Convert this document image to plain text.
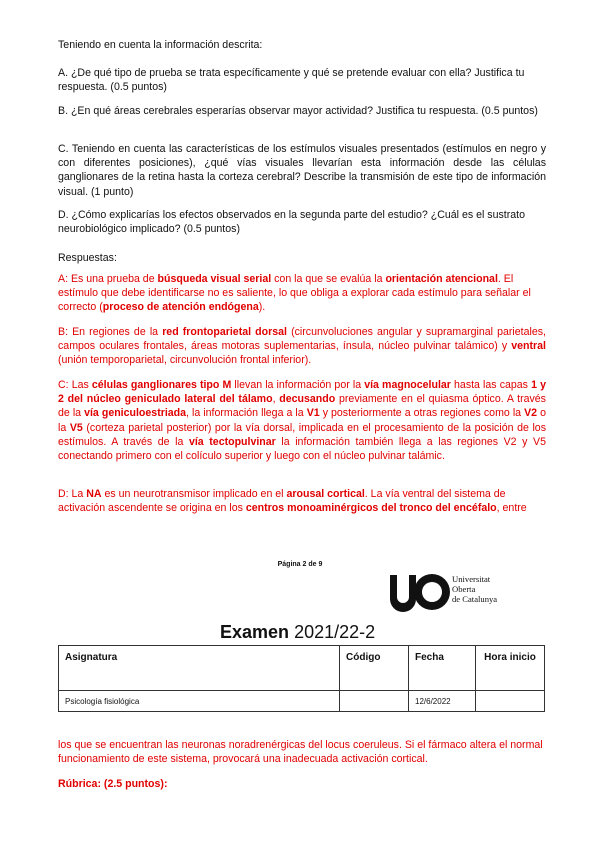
Teniendo en cuenta la información descrita:

A. ¿De qué tipo de prueba se trata específicamente y qué se pretende evaluar con ella? Justifica tu respuesta. (0.5 puntos)

B. ¿En qué áreas cerebrales esperarías observar mayor actividad? Justifica tu respuesta. (0.5 puntos)

C. Teniendo en cuenta las características de los estímulos visuales presentados (estímulos en negro y con diferentes posiciones), ¿qué vías visuales llevarían esta información desde las células ganglionares de la retina hasta la corteza cerebral? Describe la transmisión de este tipo de información visual. (1 punto)

D. ¿Cómo explicarías los efectos observados en la segunda parte del estudio? ¿Cuál es el sustrato neurobiológico implicado? (0.5 puntos)

Respuestas:

A: Es una prueba de búsqueda visual serial con la que se evalúa la orientación atencional. El estímulo que debe identificarse no es saliente, lo que obliga a explorar cada estímulo para señalar el correcto (proceso de atención endógena).

B: En regiones de la red frontoparietal dorsal (circunvoluciones angular y supramarginal parietales, campos oculares frontales, áreas motoras suplementarias, ínsula, núcleo pulvinar talámico) y ventral (unión temporoparietal, circunvolución frontal inferior).

C: Las células ganglionares tipo M llevan la información por la vía magnocelular hasta las capas 1 y 2 del núcleo geniculado lateral del tálamo, decusando previamente en el quiasma óptico. A través de la vía geniculoestriada, la información llega a la V1 y posteriormente a otras regiones como la V2 o la V5 (corteza parietal posterior) por la vía dorsal, implicada en el procesamiento de la posición de los estímulos. A través de la vía tectopulvinar la información también llega a las regiones V2 y V5 conectando primero con el colículo superior y luego con el núcleo pulvinar talámic.

D: La NA es un neurotransmisor implicado en el arousal cortical. La vía ventral del sistema de activación ascendente se origina en los centros monoaminérgicos del tronco del encéfalo, entre

Página 2 de 9
Universitat
Oberta
de Catalunya
Examen 2021/22-2
Asignatura	Código	Fecha	Hora inicio
Psicología fisiológica		12/6/2022	

los que se encuentran las neuronas noradrenérgicas del locus coeruleus. Si el fármaco altera el normal funcionamiento de este sistema, provocará una inadecuada activación cortical.

Rúbrica: (2.5 puntos):
